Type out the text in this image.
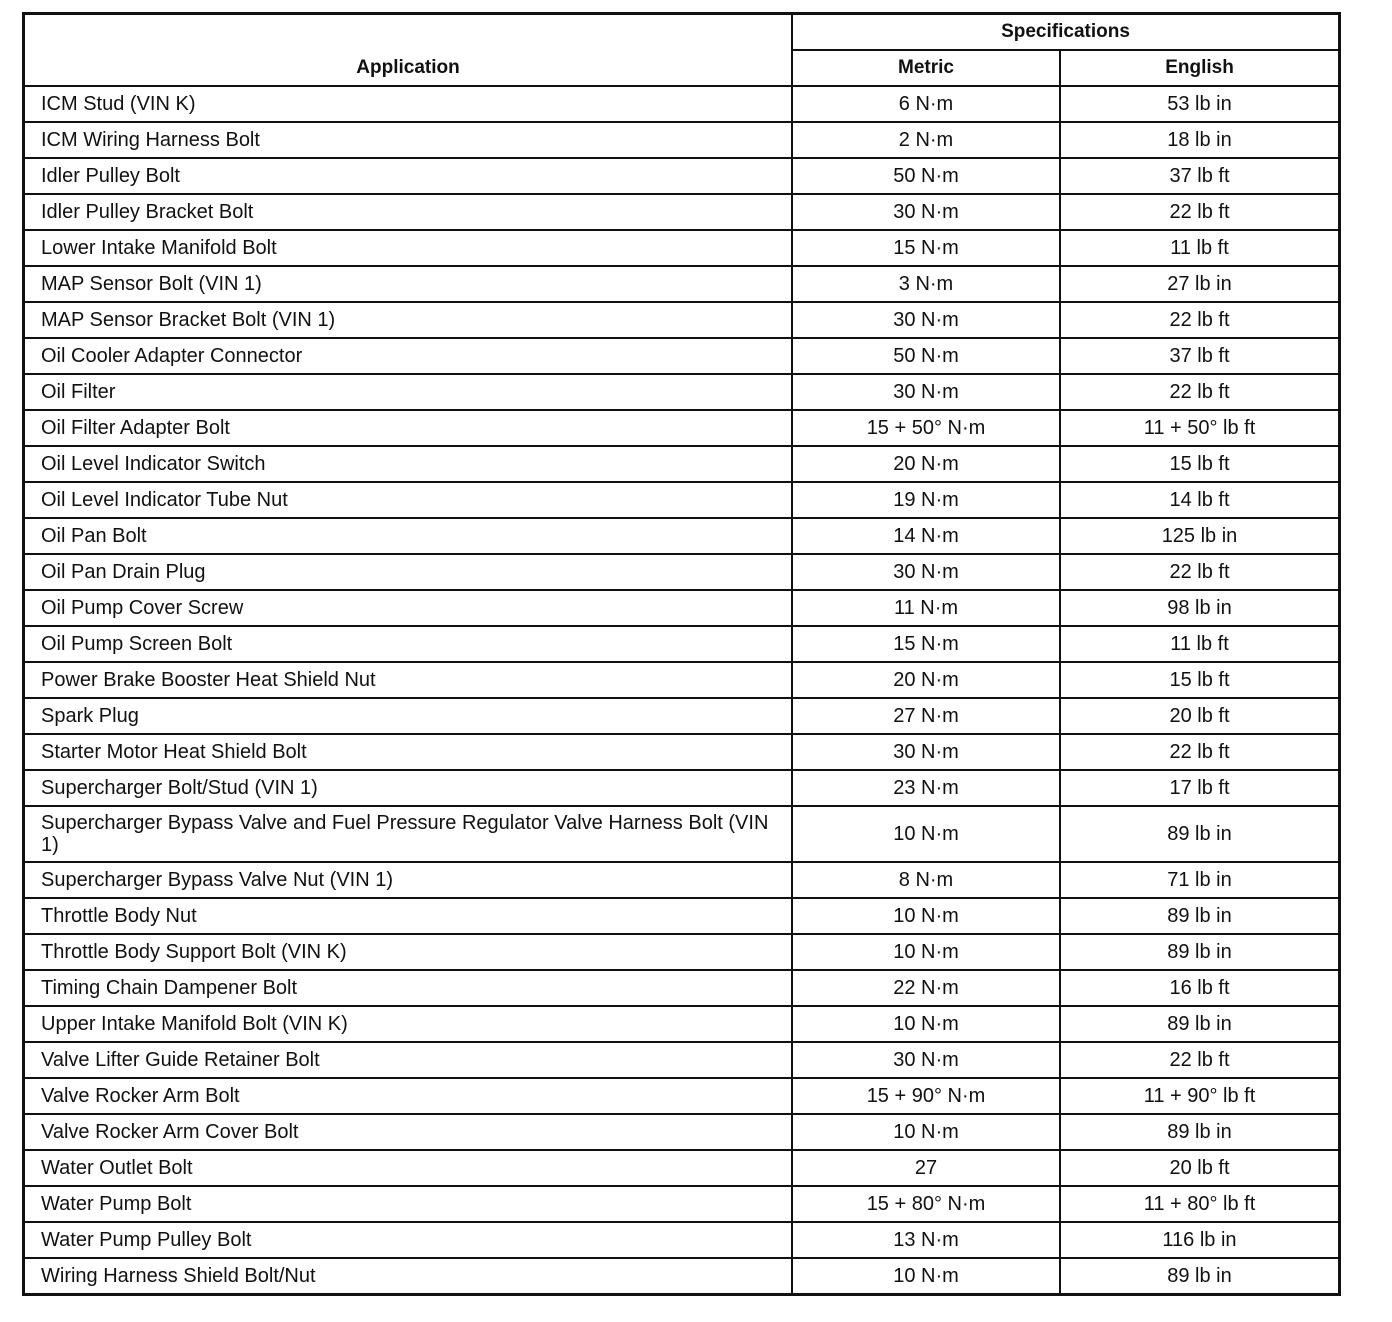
Application	Specifications	
	Metric	English
ICM Stud (VIN K)	6 N·m	53 lb in
ICM Wiring Harness Bolt	2 N·m	18 lb in
Idler Pulley Bolt	50 N·m	37 lb ft
Idler Pulley Bracket Bolt	30 N·m	22 lb ft
Lower Intake Manifold Bolt	15 N·m	11 lb ft
MAP Sensor Bolt (VIN 1)	3 N·m	27 lb in
MAP Sensor Bracket Bolt (VIN 1)	30 N·m	22 lb ft
Oil Cooler Adapter Connector	50 N·m	37 lb ft
Oil Filter	30 N·m	22 lb ft
Oil Filter Adapter Bolt	15 + 50° N·m	11 + 50° lb ft
Oil Level Indicator Switch	20 N·m	15 lb ft
Oil Level Indicator Tube Nut	19 N·m	14 lb ft
Oil Pan Bolt	14 N·m	125 lb in
Oil Pan Drain Plug	30 N·m	22 lb ft
Oil Pump Cover Screw	11 N·m	98 lb in
Oil Pump Screen Bolt	15 N·m	11 lb ft
Power Brake Booster Heat Shield Nut	20 N·m	15 lb ft
Spark Plug	27 N·m	20 lb ft
Starter Motor Heat Shield Bolt	30 N·m	22 lb ft
Supercharger Bolt/Stud (VIN 1)	23 N·m	17 lb ft
Supercharger Bypass Valve and Fuel Pressure Regulator Valve Harness Bolt (VIN 1)	10 N·m	89 lb in
Supercharger Bypass Valve Nut (VIN 1)	8 N·m	71 lb in
Throttle Body Nut	10 N·m	89 lb in
Throttle Body Support Bolt (VIN K)	10 N·m	89 lb in
Timing Chain Dampener Bolt	22 N·m	16 lb ft
Upper Intake Manifold Bolt (VIN K)	10 N·m	89 lb in
Valve Lifter Guide Retainer Bolt	30 N·m	22 lb ft
Valve Rocker Arm Bolt	15 + 90° N·m	11 + 90° lb ft
Valve Rocker Arm Cover Bolt	10 N·m	89 lb in
Water Outlet Bolt	27	20 lb ft
Water Pump Bolt	15 + 80° N·m	11 + 80° lb ft
Water Pump Pulley Bolt	13 N·m	116 lb in
Wiring Harness Shield Bolt/Nut	10 N·m	89 lb in
